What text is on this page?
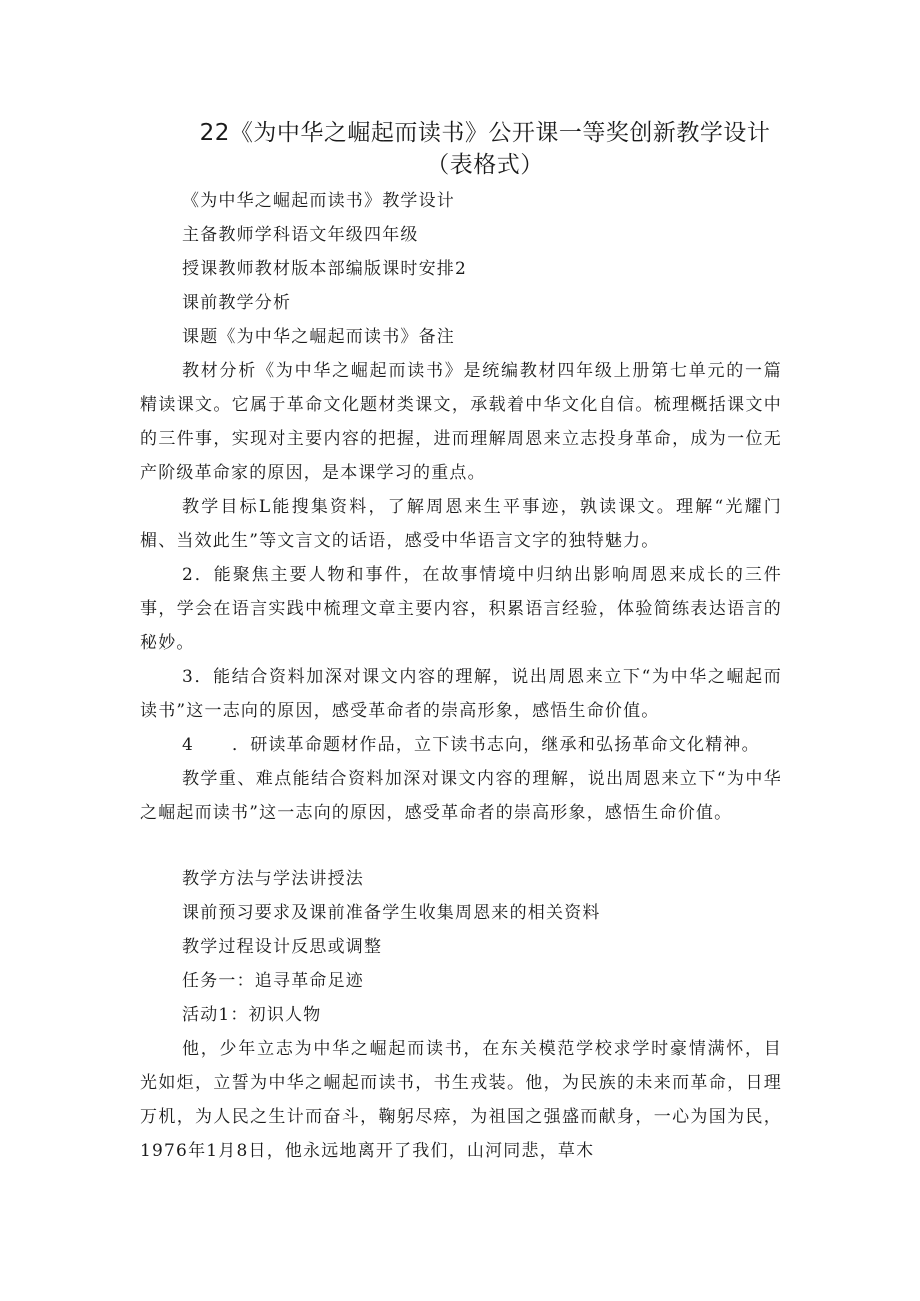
22《为中华之崛起而读书》公开课一等奖创新教学设计
（表格式）
《为中华之崛起而读书》教学设计
主备教师学科语文年级四年级
授课教师教材版本部编版课时安排2
课前教学分析
课题《为中华之崛起而读书》备注

教材分析《为中华之崛起而读书》是统编教材四年级上册第七单元的一篇精读课文。它属于革命文化题材类课文，承载着中华文化自信。梳理概括课文中的三件事，实现对主要内容的把握，进而理解周恩来立志投身革命，成为一位无产阶级革命家的原因，是本课学习的重点。

教学目标L能搜集资料，了解周恩来生平事迹，孰读课文。理解“光耀门楣、当效此生”等文言文的话语，感受中华语言文字的独特魅力。

2．能聚焦主要人物和事件，在故事情境中归纳出影响周恩来成长的三件事，学会在语言实践中梳理文章主要内容，积累语言经验，体验简练表达语言的秘妙。

3．能结合资料加深对课文内容的理解，说出周恩来立下“为中华之崛起而读书”这一志向的原因，感受革命者的崇高形象，感悟生命价值。

4 ．研读革命题材作品，立下读书志向，继承和弘扬革命文化精神。

教学重、难点能结合资料加深对课文内容的理解，说出周恩来立下“为中华之崛起而读书”这一志向的原因，感受革命者的崇高形象，感悟生命价值。

教学方法与学法讲授法
课前预习要求及课前准备学生收集周恩来的相关资料
教学过程设计反思或调整
任务一：追寻革命足迹
活动1：初识人物

他，少年立志为中华之崛起而读书，在东关模范学校求学时豪情满怀，目光如炬，立誓为中华之崛起而读书，书生戎装。他，为民族的未来而革命，日理万机，为人民之生计而奋斗，鞠躬尽瘁，为祖国之强盛而献身，一心为国为民，1976年1月8日，他永远地离开了我们，山河同悲，草木
